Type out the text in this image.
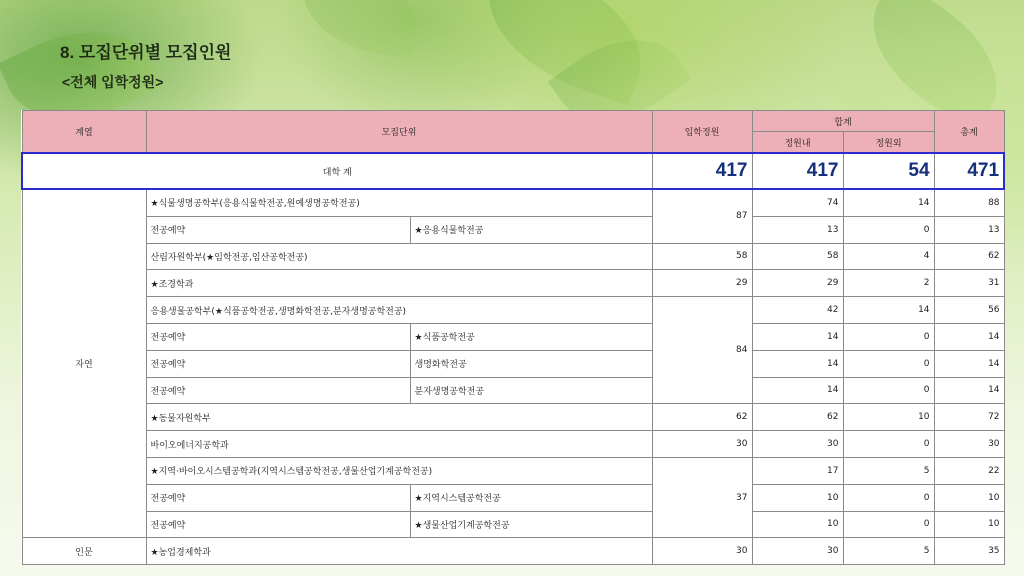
8. 모집단위별 모집인원
<전체 입학정원>
계열	모집단위		입학정원	합계		총계
				정원내	정원외	
대학 계			417	417	54	471
자연	★식물생명공학부(응용식물학전공,원예생명공학전공)		87	74	14	88
	전공예약	★응용식물학전공		13	0	13
	산림자원학부(★임학전공,임산공학전공)		58	58	4	62
	★조경학과		29	29	2	31
	응용생물공학부(★식품공학전공,생명화학전공,분자생명공학전공)		84	42	14	56
	전공예약	★식품공학전공		14	0	14
	전공예약	생명화학전공		14	0	14
	전공예약	분자생명공학전공		14	0	14
	★동물자원학부		62	62	10	72
	바이오에너지공학과		30	30	0	30
	★지역·바이오시스템공학과(지역시스템공학전공,생물산업기계공학전공)		37	17	5	22
	전공예약	★지역시스템공학전공		10	0	10
	전공예약	★생물산업기계공학전공		10	0	10
인문	★농업경제학과		30	30	5	35
